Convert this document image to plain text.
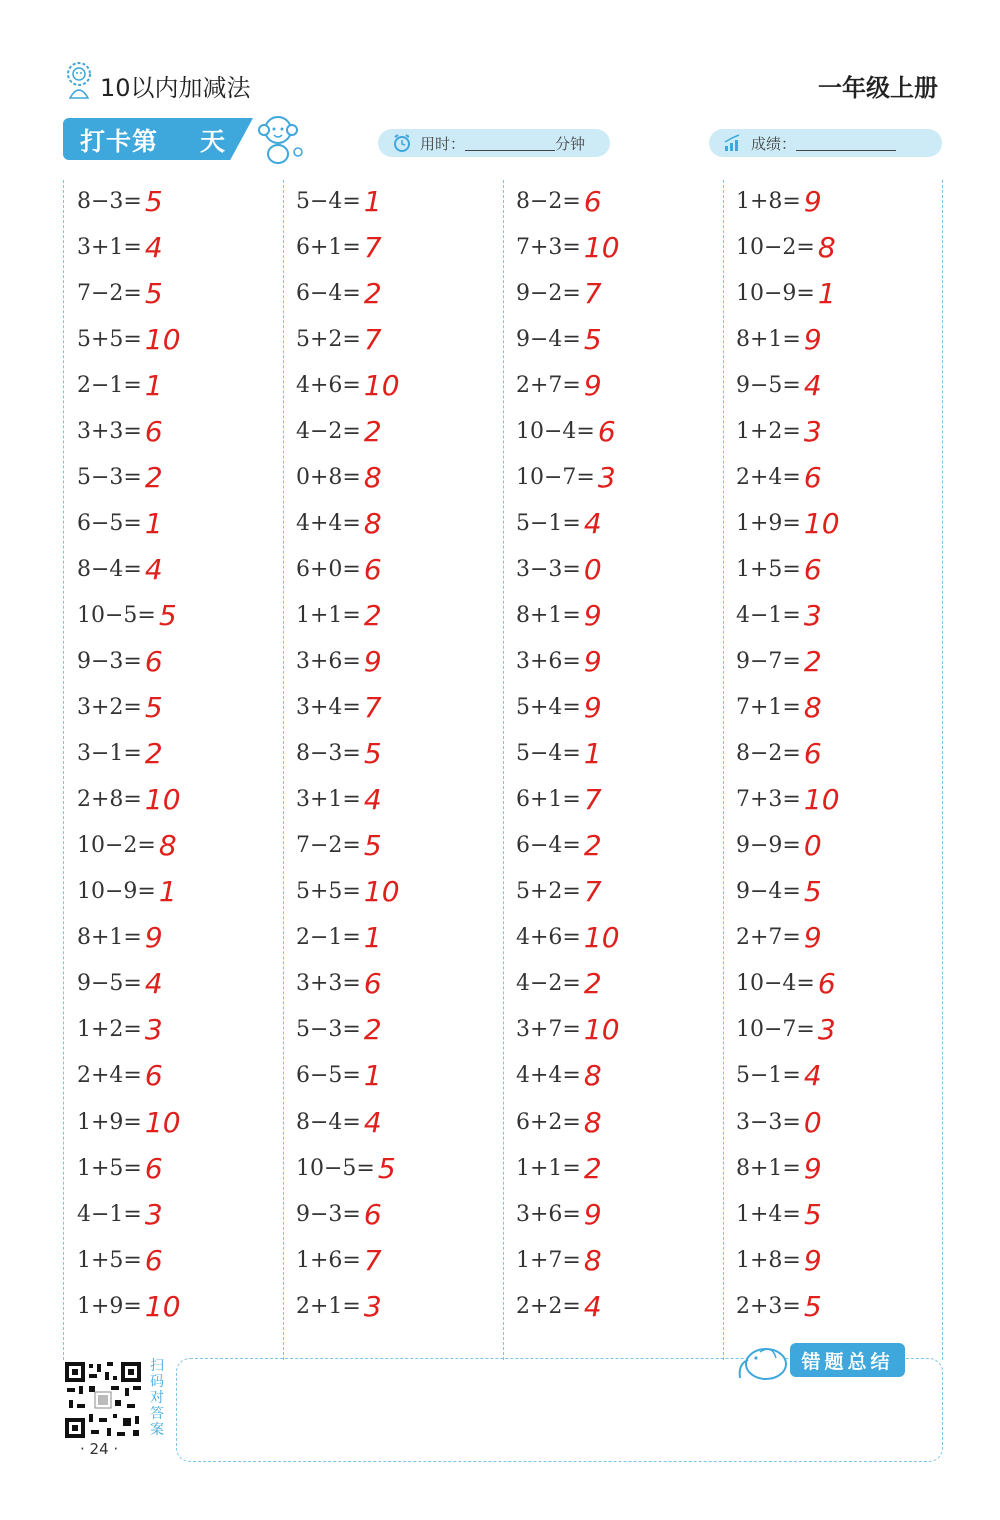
10以内加减法	一年级上册
打卡第 天	用时：	分钟	成绩：
8−3= 5
3+1= 4
7−2= 5
5+5= 10
2−1= 1
3+3= 6
5−3= 2
6−5= 1
8−4= 4
10−5= 5
9−3= 6
3+2= 5
3−1= 2
2+8= 10
10−2= 8
10−9= 1
8+1= 9
9−5= 4
1+2= 3
2+4= 6
1+9= 10
1+5= 6
4−1= 3
1+5= 6
1+9= 10
5−4= 1
6+1= 7
6−4= 2
5+2= 7
4+6= 10
4−2= 2
0+8= 8
4+4= 8
6+0= 6
1+1= 2
3+6= 9
3+4= 7
8−3= 5
3+1= 4
7−2= 5
5+5= 10
2−1= 1
3+3= 6
5−3= 2
6−5= 1
8−4= 4
10−5= 5
9−3= 6
1+6= 7
2+1= 3
8−2= 6
7+3= 10
9−2= 7
9−4= 5
2+7= 9
10−4= 6
10−7= 3
5−1= 4
3−3= 0
8+1= 9
3+6= 9
5+4= 9
5−4= 1
6+1= 7
6−4= 2
5+2= 7
4+6= 10
4−2= 2
3+7= 10
4+4= 8
6+2= 8
1+1= 2
3+6= 9
1+7= 8
2+2= 4
1+8= 9
10−2= 8
10−9= 1
8+1= 9
9−5= 4
1+2= 3
2+4= 6
1+9= 10
1+5= 6
4−1= 3
9−7= 2
7+1= 8
8−2= 6
7+3= 10
9−9= 0
9−4= 5
2+7= 9
10−4= 6
10−7= 3
5−1= 4
3−3= 0
8+1= 9
1+4= 5
1+8= 9
2+3= 5
错题总结
扫码对答案
· 24 ·
